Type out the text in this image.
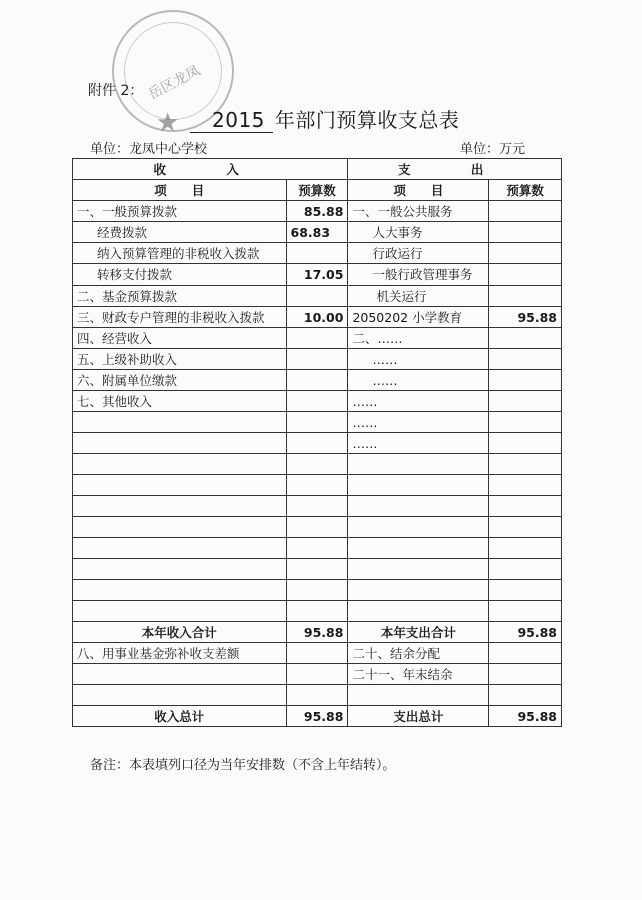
岳区龙凤
★
附件 2：
2015 年部门预算收支总表
单位：龙凤中心学校	单位：万元
收 入		支 出	
项　　目	预算数	项　　目	预算数
一、一般预算拨款	85.88	一、一般公共服务	
经费拨款	68.83	人大事务	
纳入预算管理的非税收入拨款		行政运行	
转移支付拨款	17.05	一般行政管理事务	
二、基金预算拨款		机关运行	
三、财政专户管理的非税收入拨款	10.00	2050202 小学教育	95.88
四、经营收入		二、……	
五、上级补助收入		……	
六、附属单位缴款		……	
七、其他收入		……	
		……	
		……	

本年收入合计	95.88	本年支出合计	95.88
八、用事业基金弥补收支差额		二十、结余分配	
		二十一、年末结余	

收入总计	95.88	支出总计	95.88
备注：本表填列口径为当年安排数（不含上年结转）。
